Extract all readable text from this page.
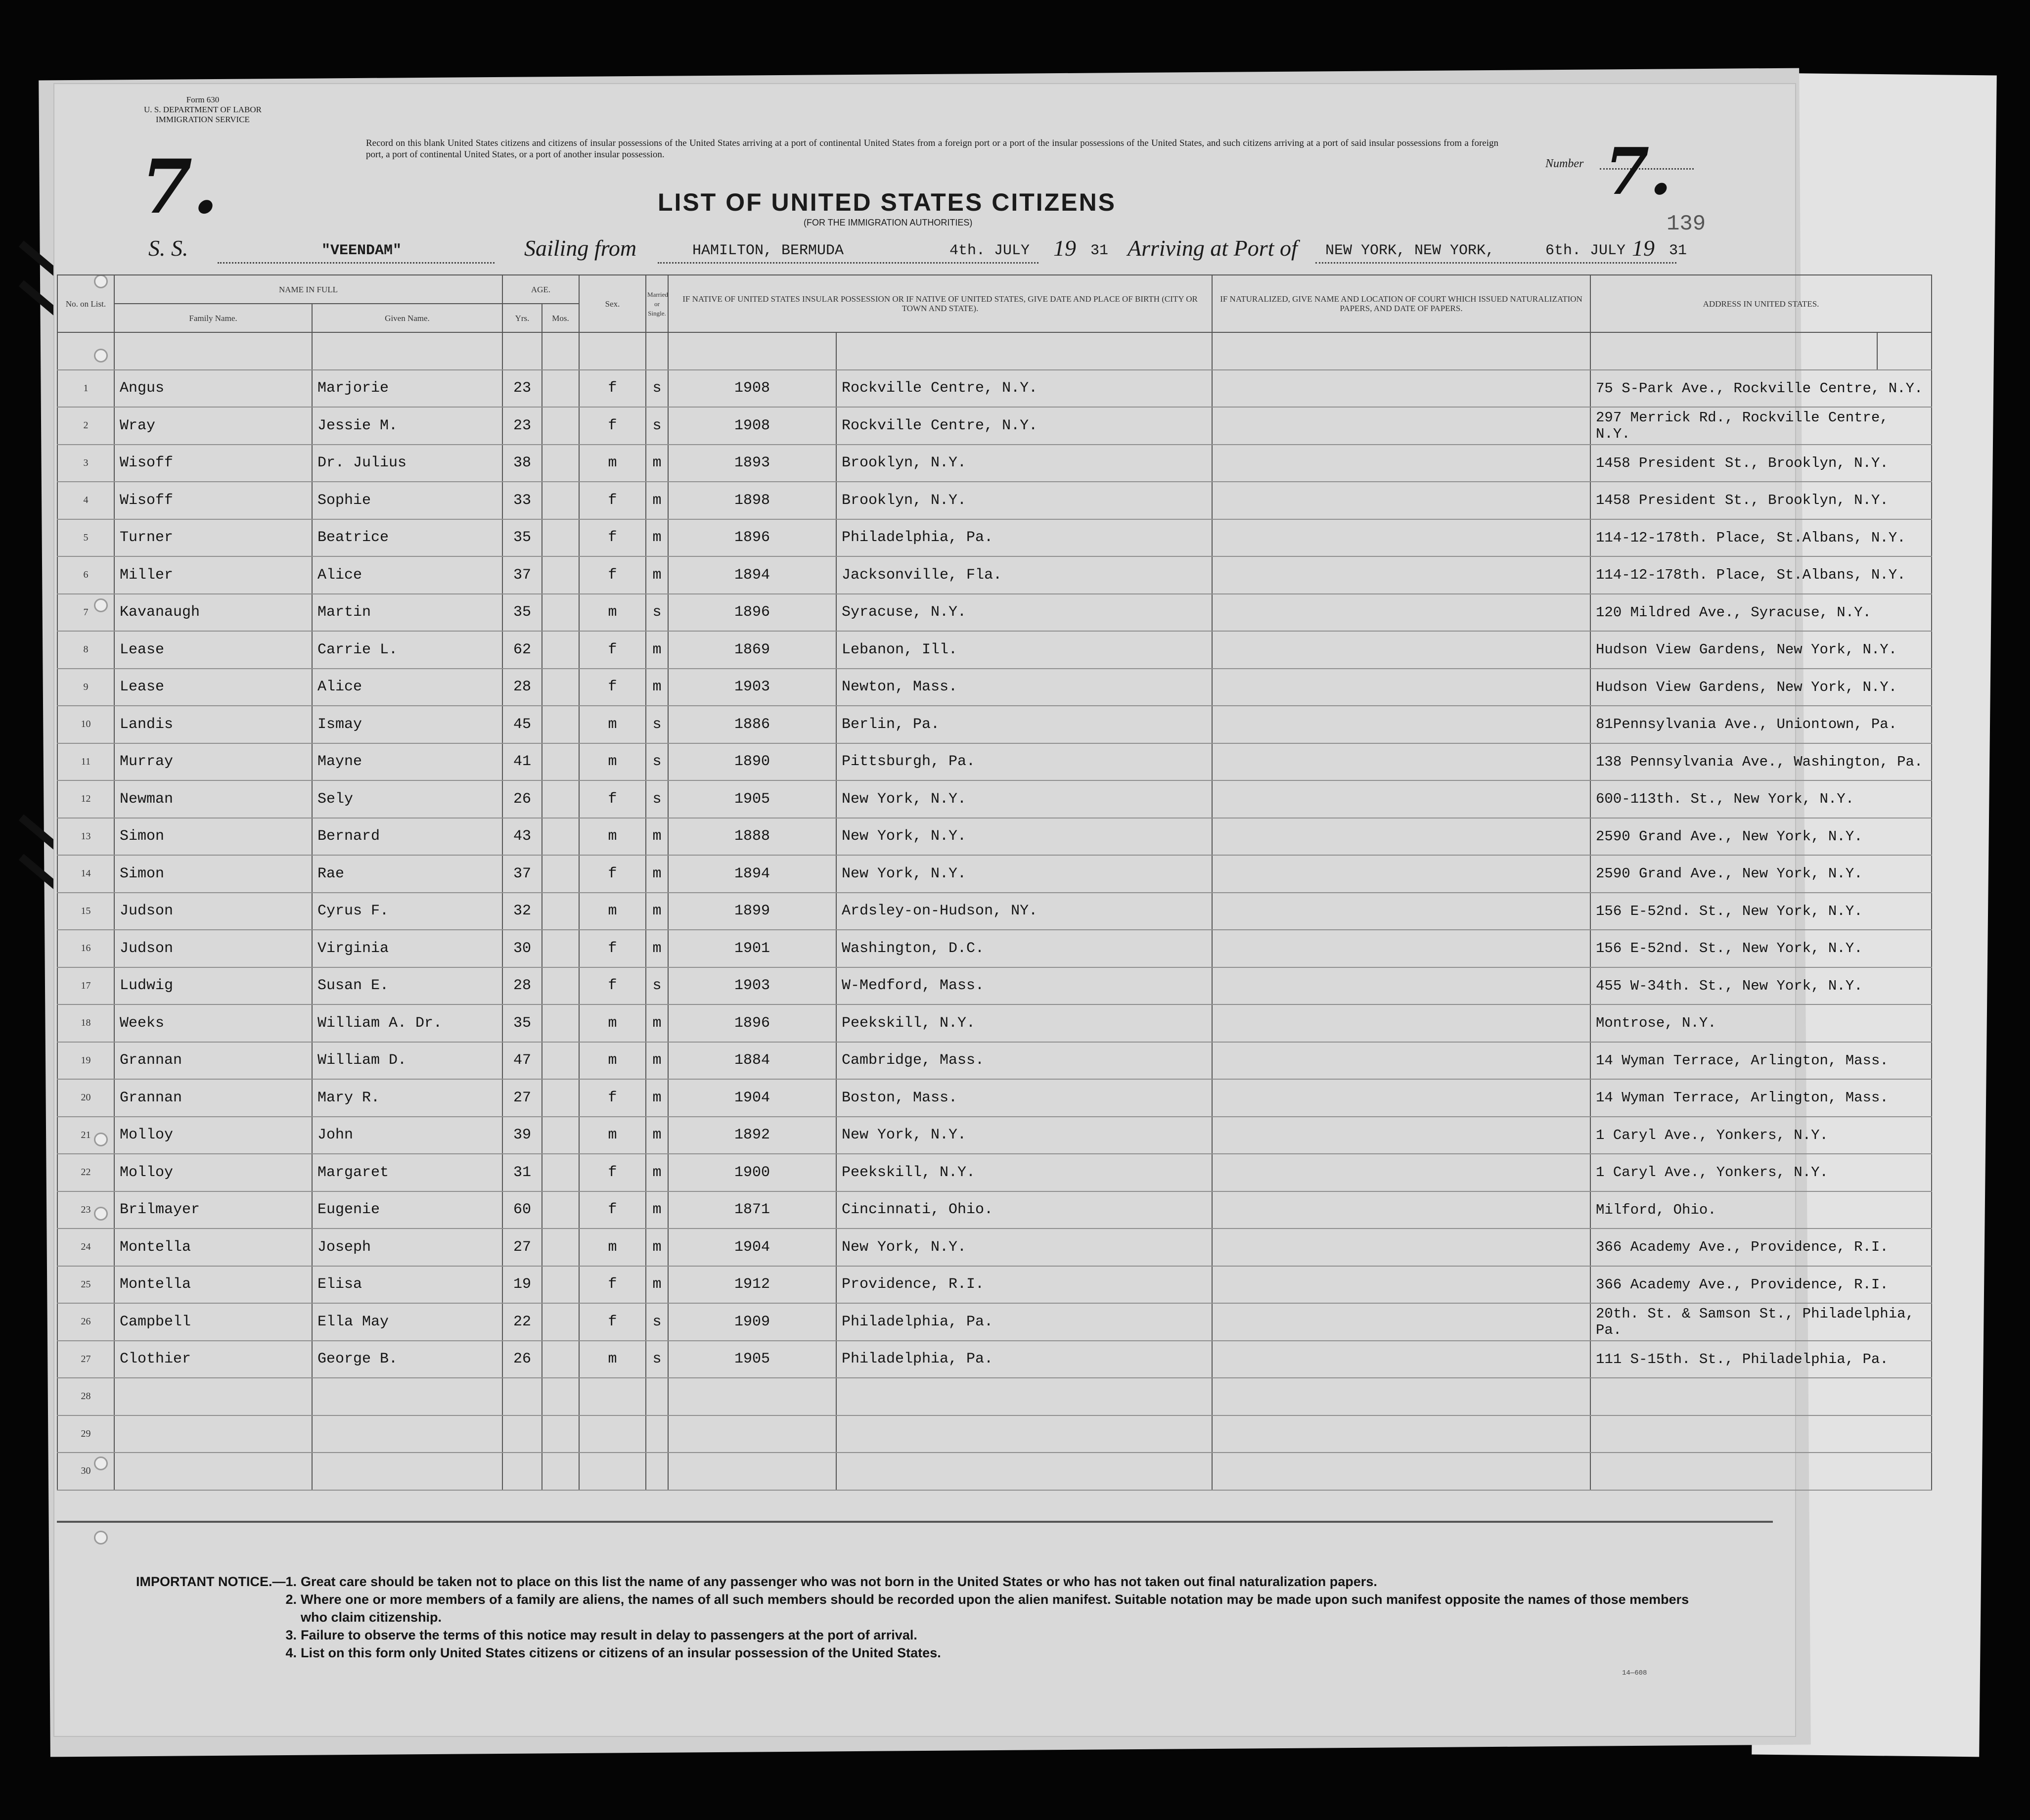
Form 630
U. S. DEPARTMENT OF LABOR
IMMIGRATION SERVICE
7.
Record on this blank United States citizens and citizens of insular possessions of the United States arriving at a port of continental United States from a foreign port or a port of the insular possessions of the United States, and such citizens arriving at a port of said insular possessions from a foreign port, a port of continental United States, or a port of another insular possession.
Number 7.
LIST OF UNITED STATES CITIZENS
(FOR THE IMMIGRATION AUTHORITIES)	139
S. S.	"VEENDAM"	Sailing from	HAMILTON, BERMUDA	4th. JULY 19 31 Arriving at Port of NEW YORK, NEW YORK,	6th. JULY 19 31
No. on List.	NAME IN FULL		AGE.		Sex.	Married or Single.	IF NATIVE OF UNITED STATES INSULAR POSSESSION OR IF NATIVE OF UNITED STATES, GIVE DATE AND PLACE OF BIRTH (CITY OR TOWN AND STATE).		IF NATURALIZED, GIVE NAME AND LOCATION OF COURT WHICH ISSUED NATURALIZATION PAPERS, AND DATE OF PAPERS.	ADDRESS IN UNITED STATES.	
	Family Name.	Given Name.	Yrs.	Mos.							

1	Angus	Marjorie	23		f	s	1908	Rockville Centre, N.Y.		75 S-Park Ave., Rockville Centre, N.Y.	
2	Wray	Jessie M.	23		f	s	1908	Rockville Centre, N.Y.		297 Merrick Rd., Rockville Centre, N.Y.	
3	Wisoff	Dr. Julius	38		m	m	1893	Brooklyn, N.Y.		1458 President St., Brooklyn, N.Y.	
4	Wisoff	Sophie	33		f	m	1898	Brooklyn, N.Y.		1458 President St., Brooklyn, N.Y.	
5	Turner	Beatrice	35		f	m	1896	Philadelphia, Pa.		114-12-178th. Place, St.Albans, N.Y.	
6	Miller	Alice	37		f	m	1894	Jacksonville, Fla.		114-12-178th. Place, St.Albans, N.Y.	
7	Kavanaugh	Martin	35		m	s	1896	Syracuse, N.Y.		120 Mildred Ave., Syracuse, N.Y.	
8	Lease	Carrie L.	62		f	m	1869	Lebanon, Ill.		Hudson View Gardens, New York, N.Y.	
9	Lease	Alice	28		f	m	1903	Newton, Mass.		Hudson View Gardens, New York, N.Y.	
10	Landis	Ismay	45		m	s	1886	Berlin, Pa.		81Pennsylvania Ave., Uniontown, Pa.	
11	Murray	Mayne	41		m	s	1890	Pittsburgh, Pa.		138 Pennsylvania Ave., Washington, Pa.	
12	Newman	Sely	26		f	s	1905	New York, N.Y.		600-113th. St., New York, N.Y.	
13	Simon	Bernard	43		m	m	1888	New York, N.Y.		2590 Grand Ave., New York, N.Y.	
14	Simon	Rae	37		f	m	1894	New York, N.Y.		2590 Grand Ave., New York, N.Y.	
15	Judson	Cyrus F.	32		m	m	1899	Ardsley-on-Hudson, NY.		156 E-52nd. St., New York, N.Y.	
16	Judson	Virginia	30		f	m	1901	Washington, D.C.		156 E-52nd. St., New York, N.Y.	
17	Ludwig	Susan E.	28		f	s	1903	W-Medford, Mass.		455 W-34th. St., New York, N.Y.	
18	Weeks	William A. Dr.	35		m	m	1896	Peekskill, N.Y.		Montrose, N.Y.	
19	Grannan	William D.	47		m	m	1884	Cambridge, Mass.		14 Wyman Terrace, Arlington, Mass.	
20	Grannan	Mary R.	27		f	m	1904	Boston, Mass.		14 Wyman Terrace, Arlington, Mass.	
21	Molloy	John	39		m	m	1892	New York, N.Y.		1 Caryl Ave., Yonkers, N.Y.	
22	Molloy	Margaret	31		f	m	1900	Peekskill, N.Y.		1 Caryl Ave., Yonkers, N.Y.	
23	Brilmayer	Eugenie	60		f	m	1871	Cincinnati, Ohio.		Milford, Ohio.	
24	Montella	Joseph	27		m	m	1904	New York, N.Y.		366 Academy Ave., Providence, R.I.	
25	Montella	Elisa	19		f	m	1912	Providence, R.I.		366 Academy Ave., Providence, R.I.	
26	Campbell	Ella May	22		f	s	1909	Philadelphia, Pa.		20th. St. & Samson St., Philadelphia, Pa.	
27	Clothier	George B.	26		m	s	1905	Philadelphia, Pa.		111 S-15th. St., Philadelphia, Pa.	
28											
29											
30											
IMPORTANT NOTICE.—1. Great care should be taken not to place on this list the name of any passenger who was not born in the United States or who has not taken out final naturalization papers.
2. Where one or more members of a family are aliens, the names of all such members should be recorded upon the alien manifest. Suitable notation may be made upon such manifest opposite the names of those members who claim citizenship.
3. Failure to observe the terms of this notice may result in delay to passengers at the port of arrival.
4. List on this form only United States citizens or citizens of an insular possession of the United States.
14—608
